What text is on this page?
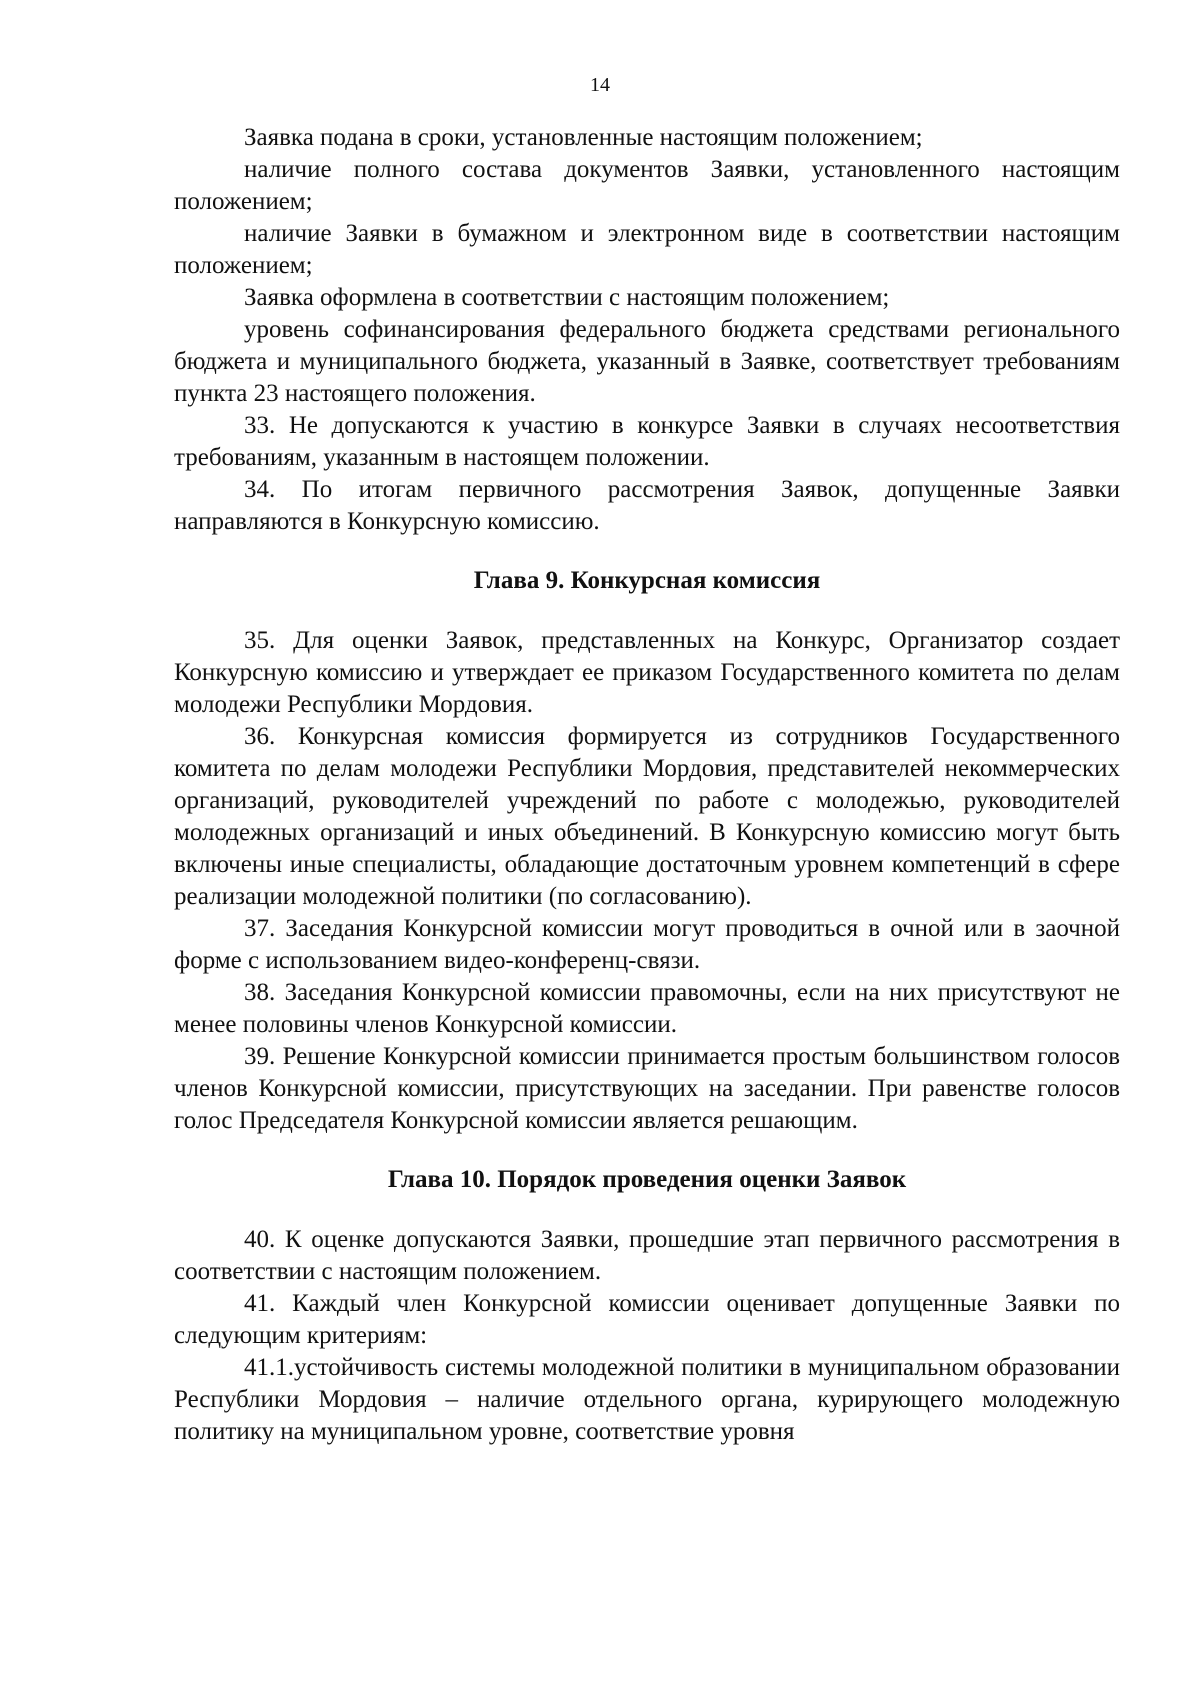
14

Заявка подана в сроки, установленные настоящим положением;

наличие полного состава документов Заявки, установленного настоящим положением;

наличие Заявки в бумажном и электронном виде в соответствии настоящим положением;

Заявка оформлена в соответствии с настоящим положением;

уровень софинансирования федерального бюджета средствами регионального бюджета и муниципального бюджета, указанный в Заявке, соответствует требованиям пункта 23 настоящего положения.

33. Не допускаются к участию в конкурсе Заявки в случаях несоответствия требованиям, указанным в настоящем положении.

34. По итогам первичного рассмотрения Заявок, допущенные Заявки направляются в Конкурсную комиссию.

Глава 9. Конкурсная комиссия

35. Для оценки Заявок, представленных на Конкурс, Организатор создает Конкурсную комиссию и утверждает ее приказом Государственного комитета по делам молодежи Республики Мордовия.

36. Конкурсная комиссия формируется из сотрудников Государственного комитета по делам молодежи Республики Мордовия, представителей некоммерческих организаций, руководителей учреждений по работе с молодежью, руководителей молодежных организаций и иных объединений. В Конкурсную комиссию могут быть включены иные специалисты, обладающие достаточным уровнем компетенций в сфере реализации молодежной политики (по согласованию).

37. Заседания Конкурсной комиссии могут проводиться в очной или в заочной форме с использованием видео-конференц-связи.

38. Заседания Конкурсной комиссии правомочны, если на них присутствуют не менее половины членов Конкурсной комиссии.

39. Решение Конкурсной комиссии принимается простым большинством голосов членов Конкурсной комиссии, присутствующих на заседании. При равенстве голосов голос Председателя Конкурсной комиссии является решающим.

Глава 10. Порядок проведения оценки Заявок

40. К оценке допускаются Заявки, прошедшие этап первичного рассмотрения в соответствии с настоящим положением.

41. Каждый член Конкурсной комиссии оценивает допущенные Заявки по следующим критериям:

41.1.устойчивость системы молодежной политики в муниципальном образовании Республики Мордовия – наличие отдельного органа, курирующего молодежную политику на муниципальном уровне, соответствие уровня
